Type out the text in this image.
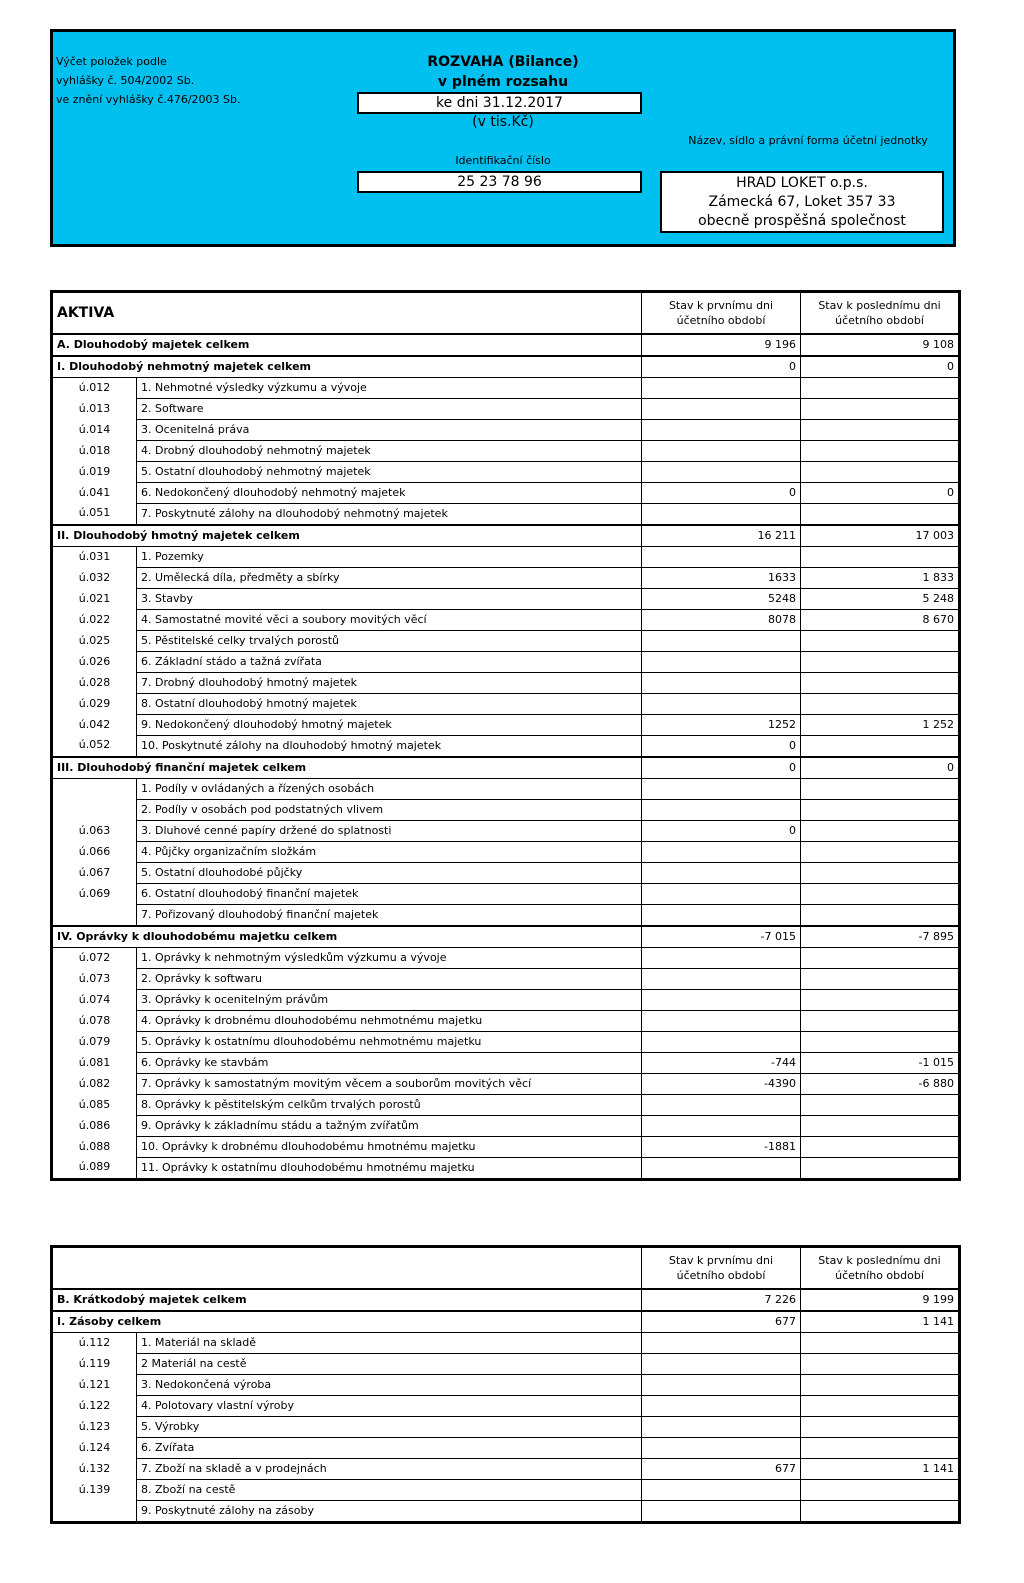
Výčet položek podle
vyhlášky č. 504/2002 Sb.
ve znění vyhlášky č.476/2003 Sb.
ROZVAHA (Bilance)
v plném rozsahu
ke dni 31.12.2017
(v tis.Kč)
Identifikační číslo
25 23 78 96
Název, sídlo a právní forma účetní jednotky
HRAD LOKET o.p.s.
Zámecká 67, Loket 357 33
obecně prospěšná společnost
AKTIVA		Stav k prvnímu dni účetního období	Stav k poslednímu dni účetního období
A. Dlouhodobý majetek celkem		9 196	9 108
I. Dlouhodobý nehmotný majetek celkem		0	0
ú.012	1. Nehmotné výsledky výzkumu a vývoje		
ú.013	2. Software		
ú.014	3. Ocenitelná práva		
ú.018	4. Drobný dlouhodobý nehmotný majetek		
ú.019	5. Ostatní dlouhodobý nehmotný majetek		
ú.041	6. Nedokončený dlouhodobý nehmotný majetek	0	0
ú.051	7. Poskytnuté zálohy na dlouhodobý nehmotný majetek		
II. Dlouhodobý hmotný majetek celkem		16 211	17 003
ú.031	1. Pozemky		
ú.032	2. Umělecká díla, předměty a sbírky	1633	1 833
ú.021	3. Stavby	5248	5 248
ú.022	4. Samostatné movité věci a soubory movitých věcí	8078	8 670
ú.025	5. Pěstitelské celky trvalých porostů		
ú.026	6. Základní stádo a tažná zvířata		
ú.028	7. Drobný dlouhodobý hmotný majetek		
ú.029	8. Ostatní dlouhodobý hmotný majetek		
ú.042	9. Nedokončený dlouhodobý hmotný majetek	1252	1 252
ú.052	10. Poskytnuté zálohy na dlouhodobý hmotný majetek	0	
III. Dlouhodobý finanční majetek celkem		0	0
	1. Podíly v ovládaných a řízených osobách		
	2. Podíly v osobách pod podstatných vlivem		
ú.063	3. Dluhové cenné papíry držené do splatnosti	0	
ú.066	4. Půjčky organizačním složkám		
ú.067	5. Ostatní dlouhodobé půjčky		
ú.069	6. Ostatní dlouhodobý finanční majetek		
	7. Pořizovaný dlouhodobý finanční majetek		
IV. Oprávky k dlouhodobému majetku celkem		-7 015	-7 895
ú.072	1. Oprávky k nehmotným výsledkům výzkumu a vývoje		
ú.073	2. Oprávky k softwaru		
ú.074	3. Oprávky k ocenitelným právům		
ú.078	4. Oprávky k drobnému dlouhodobému nehmotnému majetku		
ú.079	5. Oprávky k ostatnímu dlouhodobému nehmotnému majetku		
ú.081	6. Oprávky ke stavbám	-744	-1 015
ú.082	7. Oprávky k samostatným movitým věcem a souborům movitých věcí	-4390	-6 880
ú.085	8. Oprávky k pěstitelským celkům trvalých porostů		
ú.086	9. Oprávky k základnímu stádu a tažným zvířatům		
ú.088	10. Oprávky k drobnému dlouhodobému hmotnému majetku	-1881	
ú.089	11. Oprávky k ostatnímu dlouhodobému hmotnému majetku		
		Stav k prvnímu dni účetního období	Stav k poslednímu dni účetního období
B. Krátkodobý majetek celkem		7 226	9 199
I. Zásoby celkem		677	1 141
ú.112	1. Materiál na skladě		
ú.119	2 Materiál na cestě		
ú.121	3. Nedokončená výroba		
ú.122	4. Polotovary vlastní výroby		
ú.123	5. Výrobky		
ú.124	6. Zvířata		
ú.132	7. Zboží na skladě a v prodejnách	677	1 141
ú.139	8. Zboží na cestě		
	9. Poskytnuté zálohy na zásoby		
